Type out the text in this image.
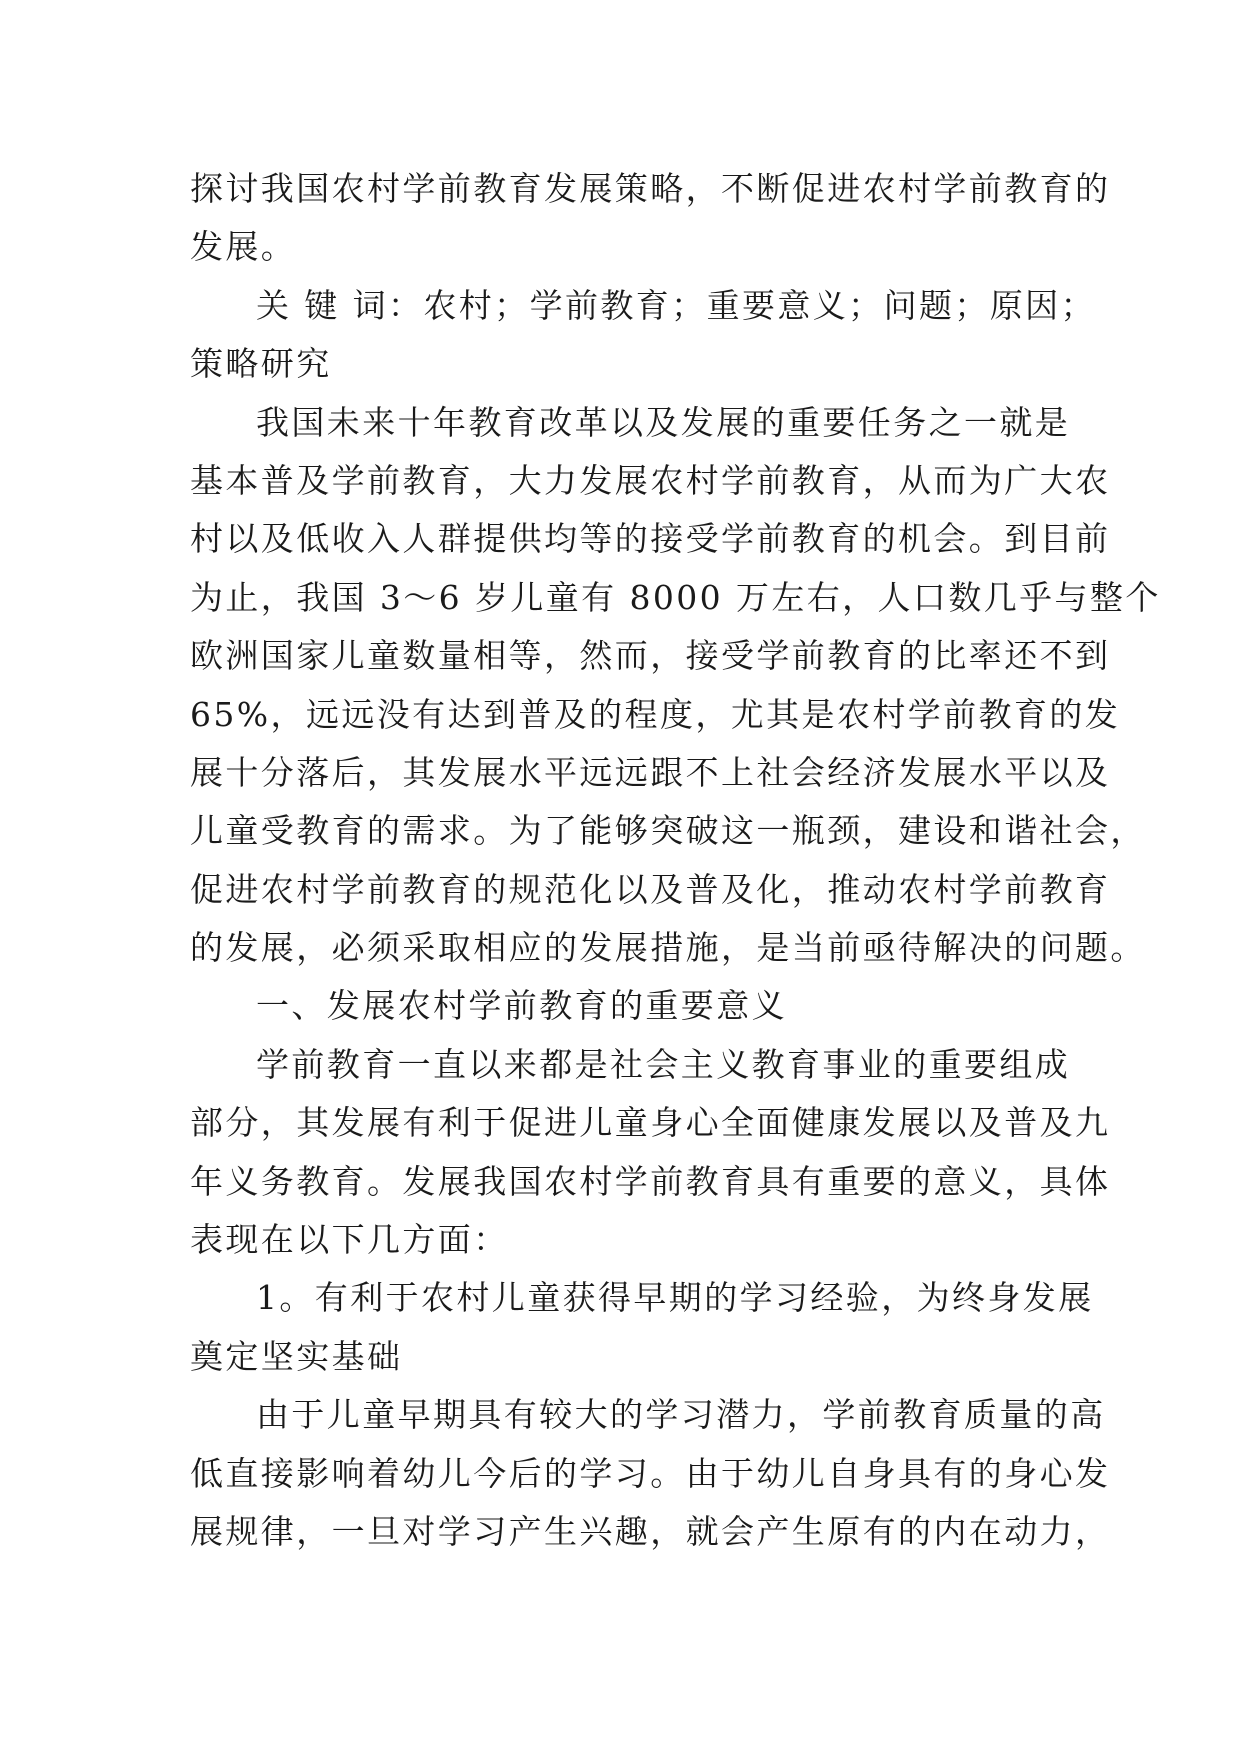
探讨我国农村学前教育发展策略，不断促进农村学前教育的
发展。
关 键 词：农村；学前教育；重要意义；问题；原因；
策略研究
我国未来十年教育改革以及发展的重要任务之一就是
基本普及学前教育，大力发展农村学前教育，从而为广大农
村以及低收入人群提供均等的接受学前教育的机会。到目前
为止，我国 3～6 岁儿童有 8000 万左右，人口数几乎与整个
欧洲国家儿童数量相等，然而，接受学前教育的比率还不到
65%，远远没有达到普及的程度，尤其是农村学前教育的发
展十分落后，其发展水平远远跟不上社会经济发展水平以及
儿童受教育的需求。为了能够突破这一瓶颈，建设和谐社会，
促进农村学前教育的规范化以及普及化，推动农村学前教育
的发展，必须采取相应的发展措施，是当前亟待解决的问题。
一、发展农村学前教育的重要意义
学前教育一直以来都是社会主义教育事业的重要组成
部分，其发展有利于促进儿童身心全面健康发展以及普及九
年义务教育。发展我国农村学前教育具有重要的意义，具体
表现在以下几方面：
1。有利于农村儿童获得早期的学习经验，为终身发展
奠定坚实基础
由于儿童早期具有较大的学习潜力，学前教育质量的高
低直接影响着幼儿今后的学习。由于幼儿自身具有的身心发
展规律，一旦对学习产生兴趣，就会产生原有的内在动力，
